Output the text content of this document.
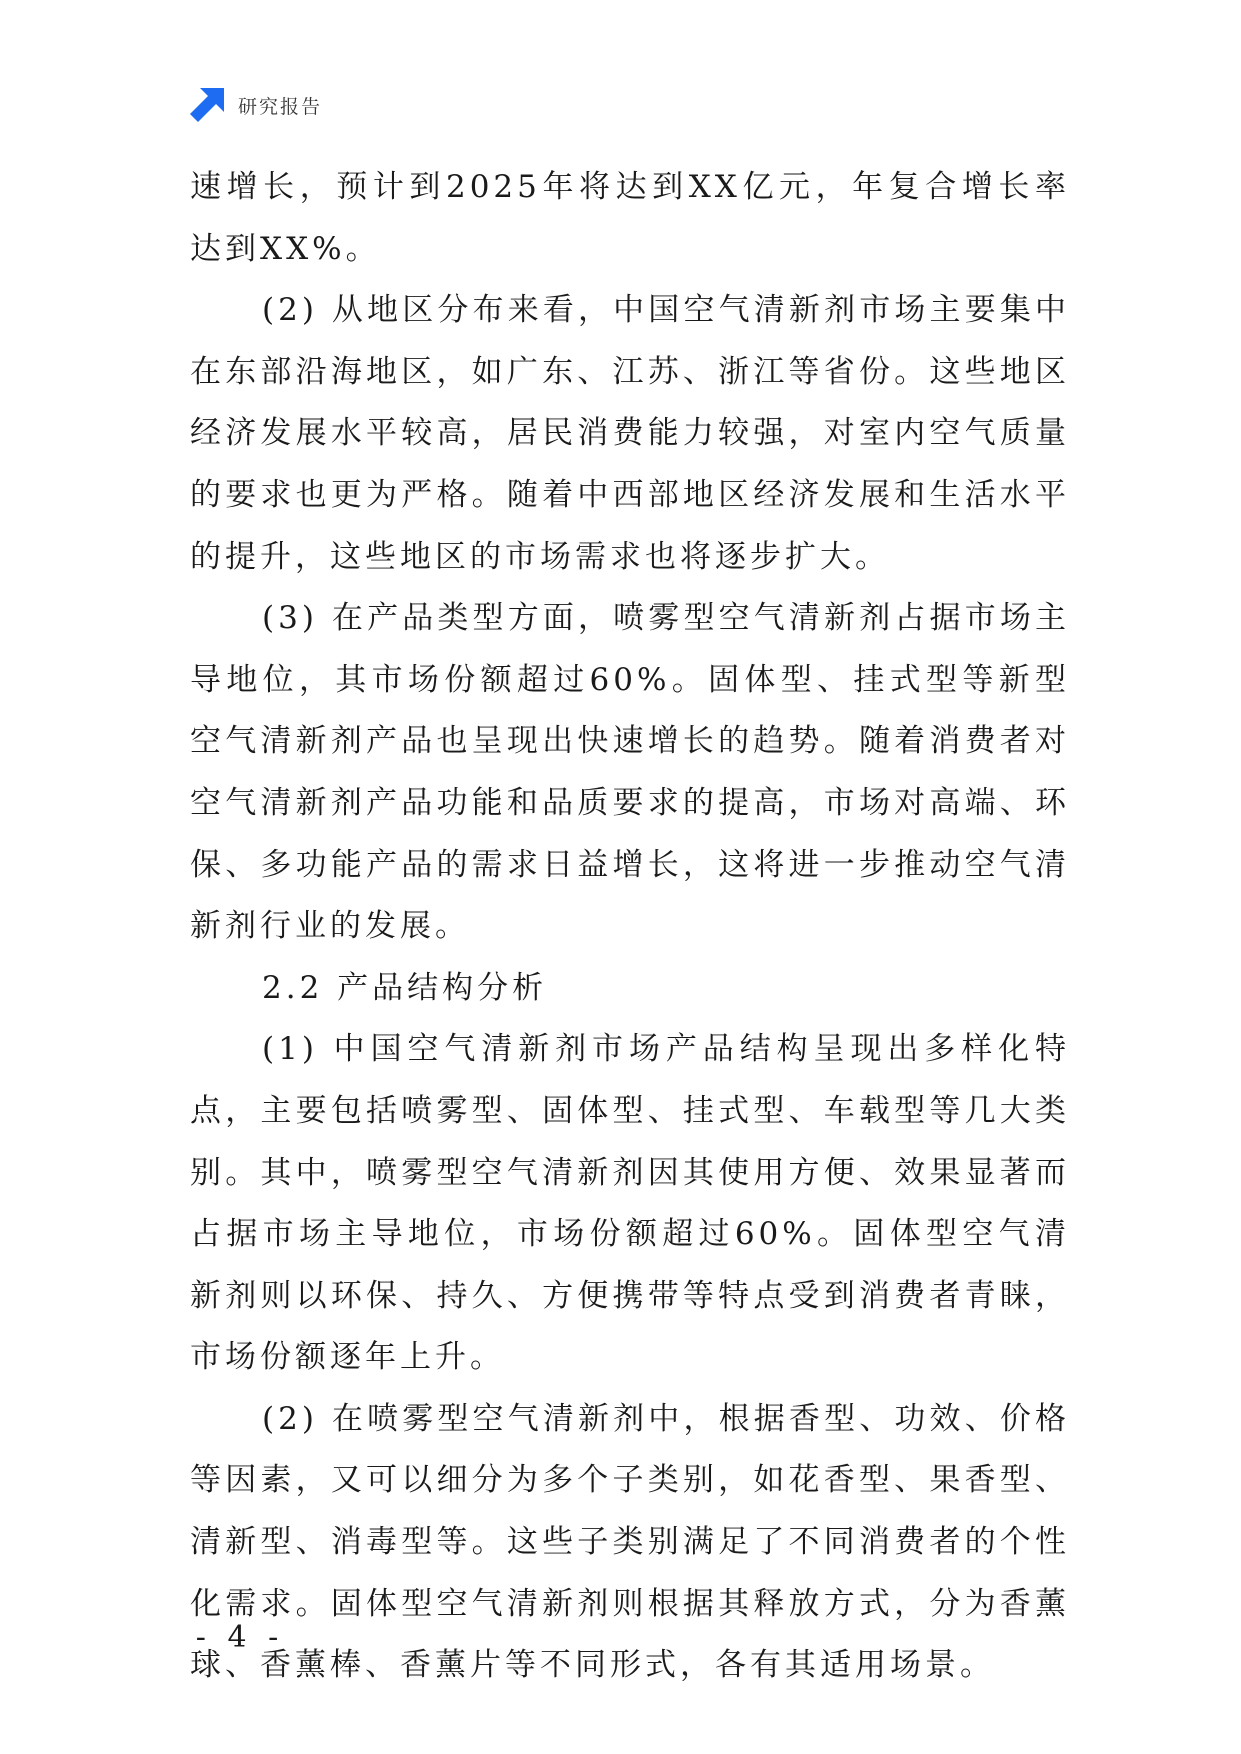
研究报告

速增长，预计到2025年将达到XX亿元，年复合增长率达到XX%。

(2) 从地区分布来看，中国空气清新剂市场主要集中在东部沿海地区，如广东、江苏、浙江等省份。这些地区经济发展水平较高，居民消费能力较强，对室内空气质量的要求也更为严格。随着中西部地区经济发展和生活水平的提升，这些地区的市场需求也将逐步扩大。

(3) 在产品类型方面，喷雾型空气清新剂占据市场主导地位，其市场份额超过60%。固体型、挂式型等新型空气清新剂产品也呈现出快速增长的趋势。随着消费者对空气清新剂产品功能和品质要求的提高，市场对高端、环保、多功能产品的需求日益增长，这将进一步推动空气清新剂行业的发展。

2.2 产品结构分析

(1) 中国空气清新剂市场产品结构呈现出多样化特点，主要包括喷雾型、固体型、挂式型、车载型等几大类别。其中，喷雾型空气清新剂因其使用方便、效果显著而占据市场主导地位，市场份额超过60%。固体型空气清新剂则以环保、持久、方便携带等特点受到消费者青睐，市场份额逐年上升。

(2) 在喷雾型空气清新剂中，根据香型、功效、价格等因素，又可以细分为多个子类别，如花香型、果香型、清新型、消毒型等。这些子类别满足了不同消费者的个性化需求。固体型空气清新剂则根据其释放方式，分为香薰球、香薰棒、香薰片等不同形式，各有其适用场景。

- 4 -
